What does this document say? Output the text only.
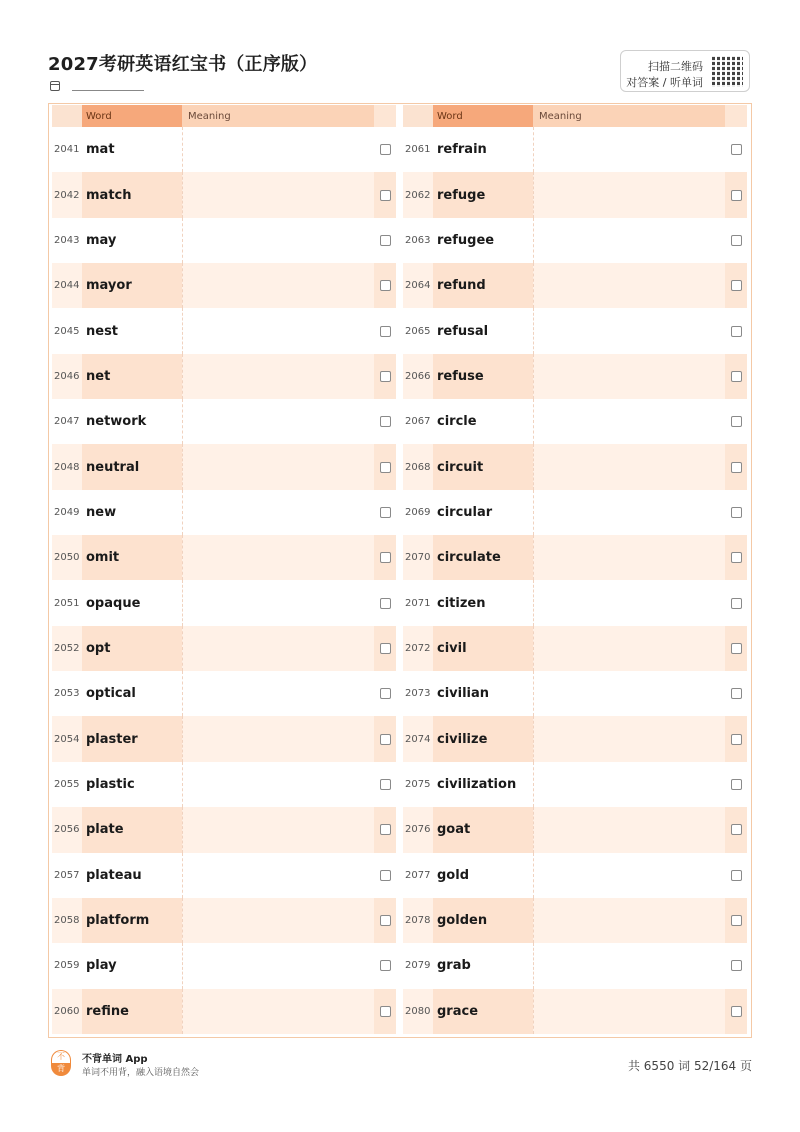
2027考研英语红宝书（正序版）	扫描二维码
对答案 / 听单词
Word	Meaning
2041 mat
2042 match
2043 may
2044 mayor
2045 nest
2046 net
2047 network
2048 neutral
2049 new
2050 omit
2051 opaque
2052 opt
2053 optical
2054 plaster
2055 plastic
2056 plate
2057 plateau
2058 platform
2059 play
2060 refine
Word	Meaning
2061 refrain
2062 refuge
2063 refugee
2064 refund
2065 refusal
2066 refuse
2067 circle
2068 circuit
2069 circular
2070 circulate
2071 citizen
2072 civil
2073 civilian
2074 civilize
2075 civilization
2076 goat
2077 gold
2078 golden
2079 grab
2080 grace
不
背
不背单词 App
单词不用背，融入语境自然会	共 6550 词 52/164 页
